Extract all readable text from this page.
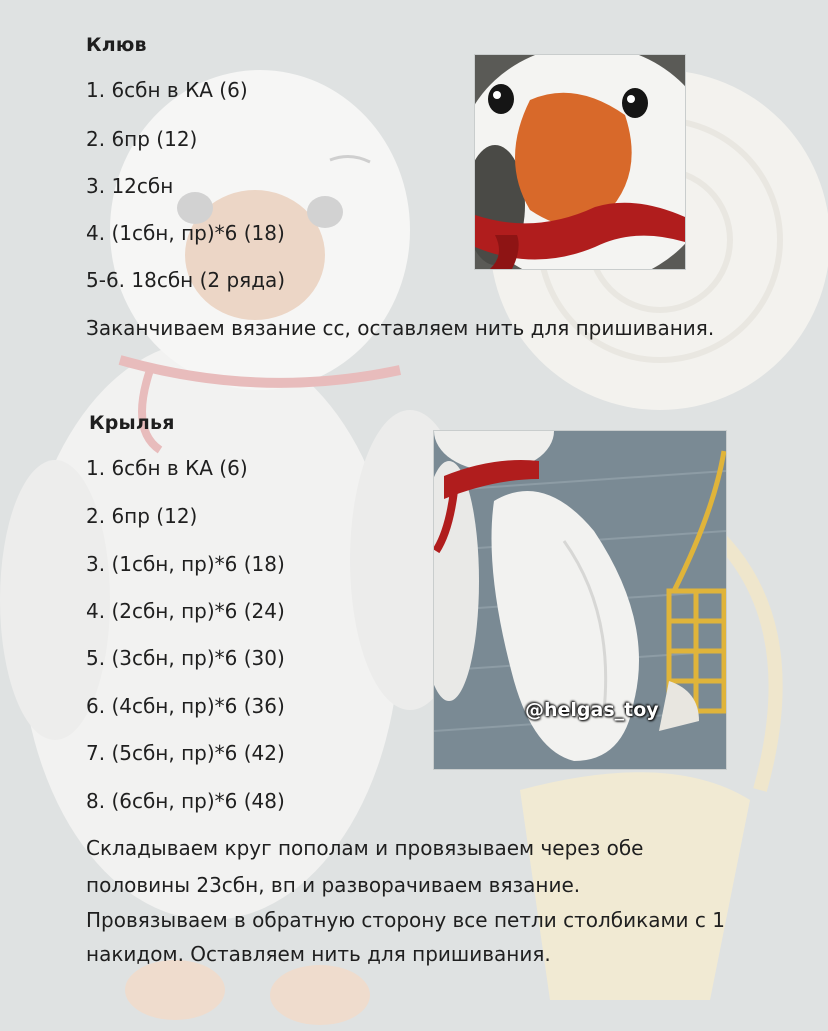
Клюв
1. 6сбн в КА (6)
2. 6пр (12)
3. 12сбн
4. (1сбн, пр)*6 (18)
5-6. 18сбн (2 ряда)
Заканчиваем вязание сс, оставляем нить для пришивания.
Крылья
1. 6сбн в КА (6)
2. 6пр (12)
3. (1сбн, пр)*6 (18)
4. (2сбн, пр)*6 (24)
5. (3сбн, пр)*6 (30)
6. (4сбн, пр)*6 (36)
7. (5сбн, пр)*6 (42)
8. (6сбн, пр)*6 (48)
Складываем круг пополам и провязываем через обе
половины 23сбн, вп и разворачиваем вязание.
Провязываем в обратную сторону все петли столбиками с 1
накидом. Оставляем нить для пришивания.
@helgas_toy
